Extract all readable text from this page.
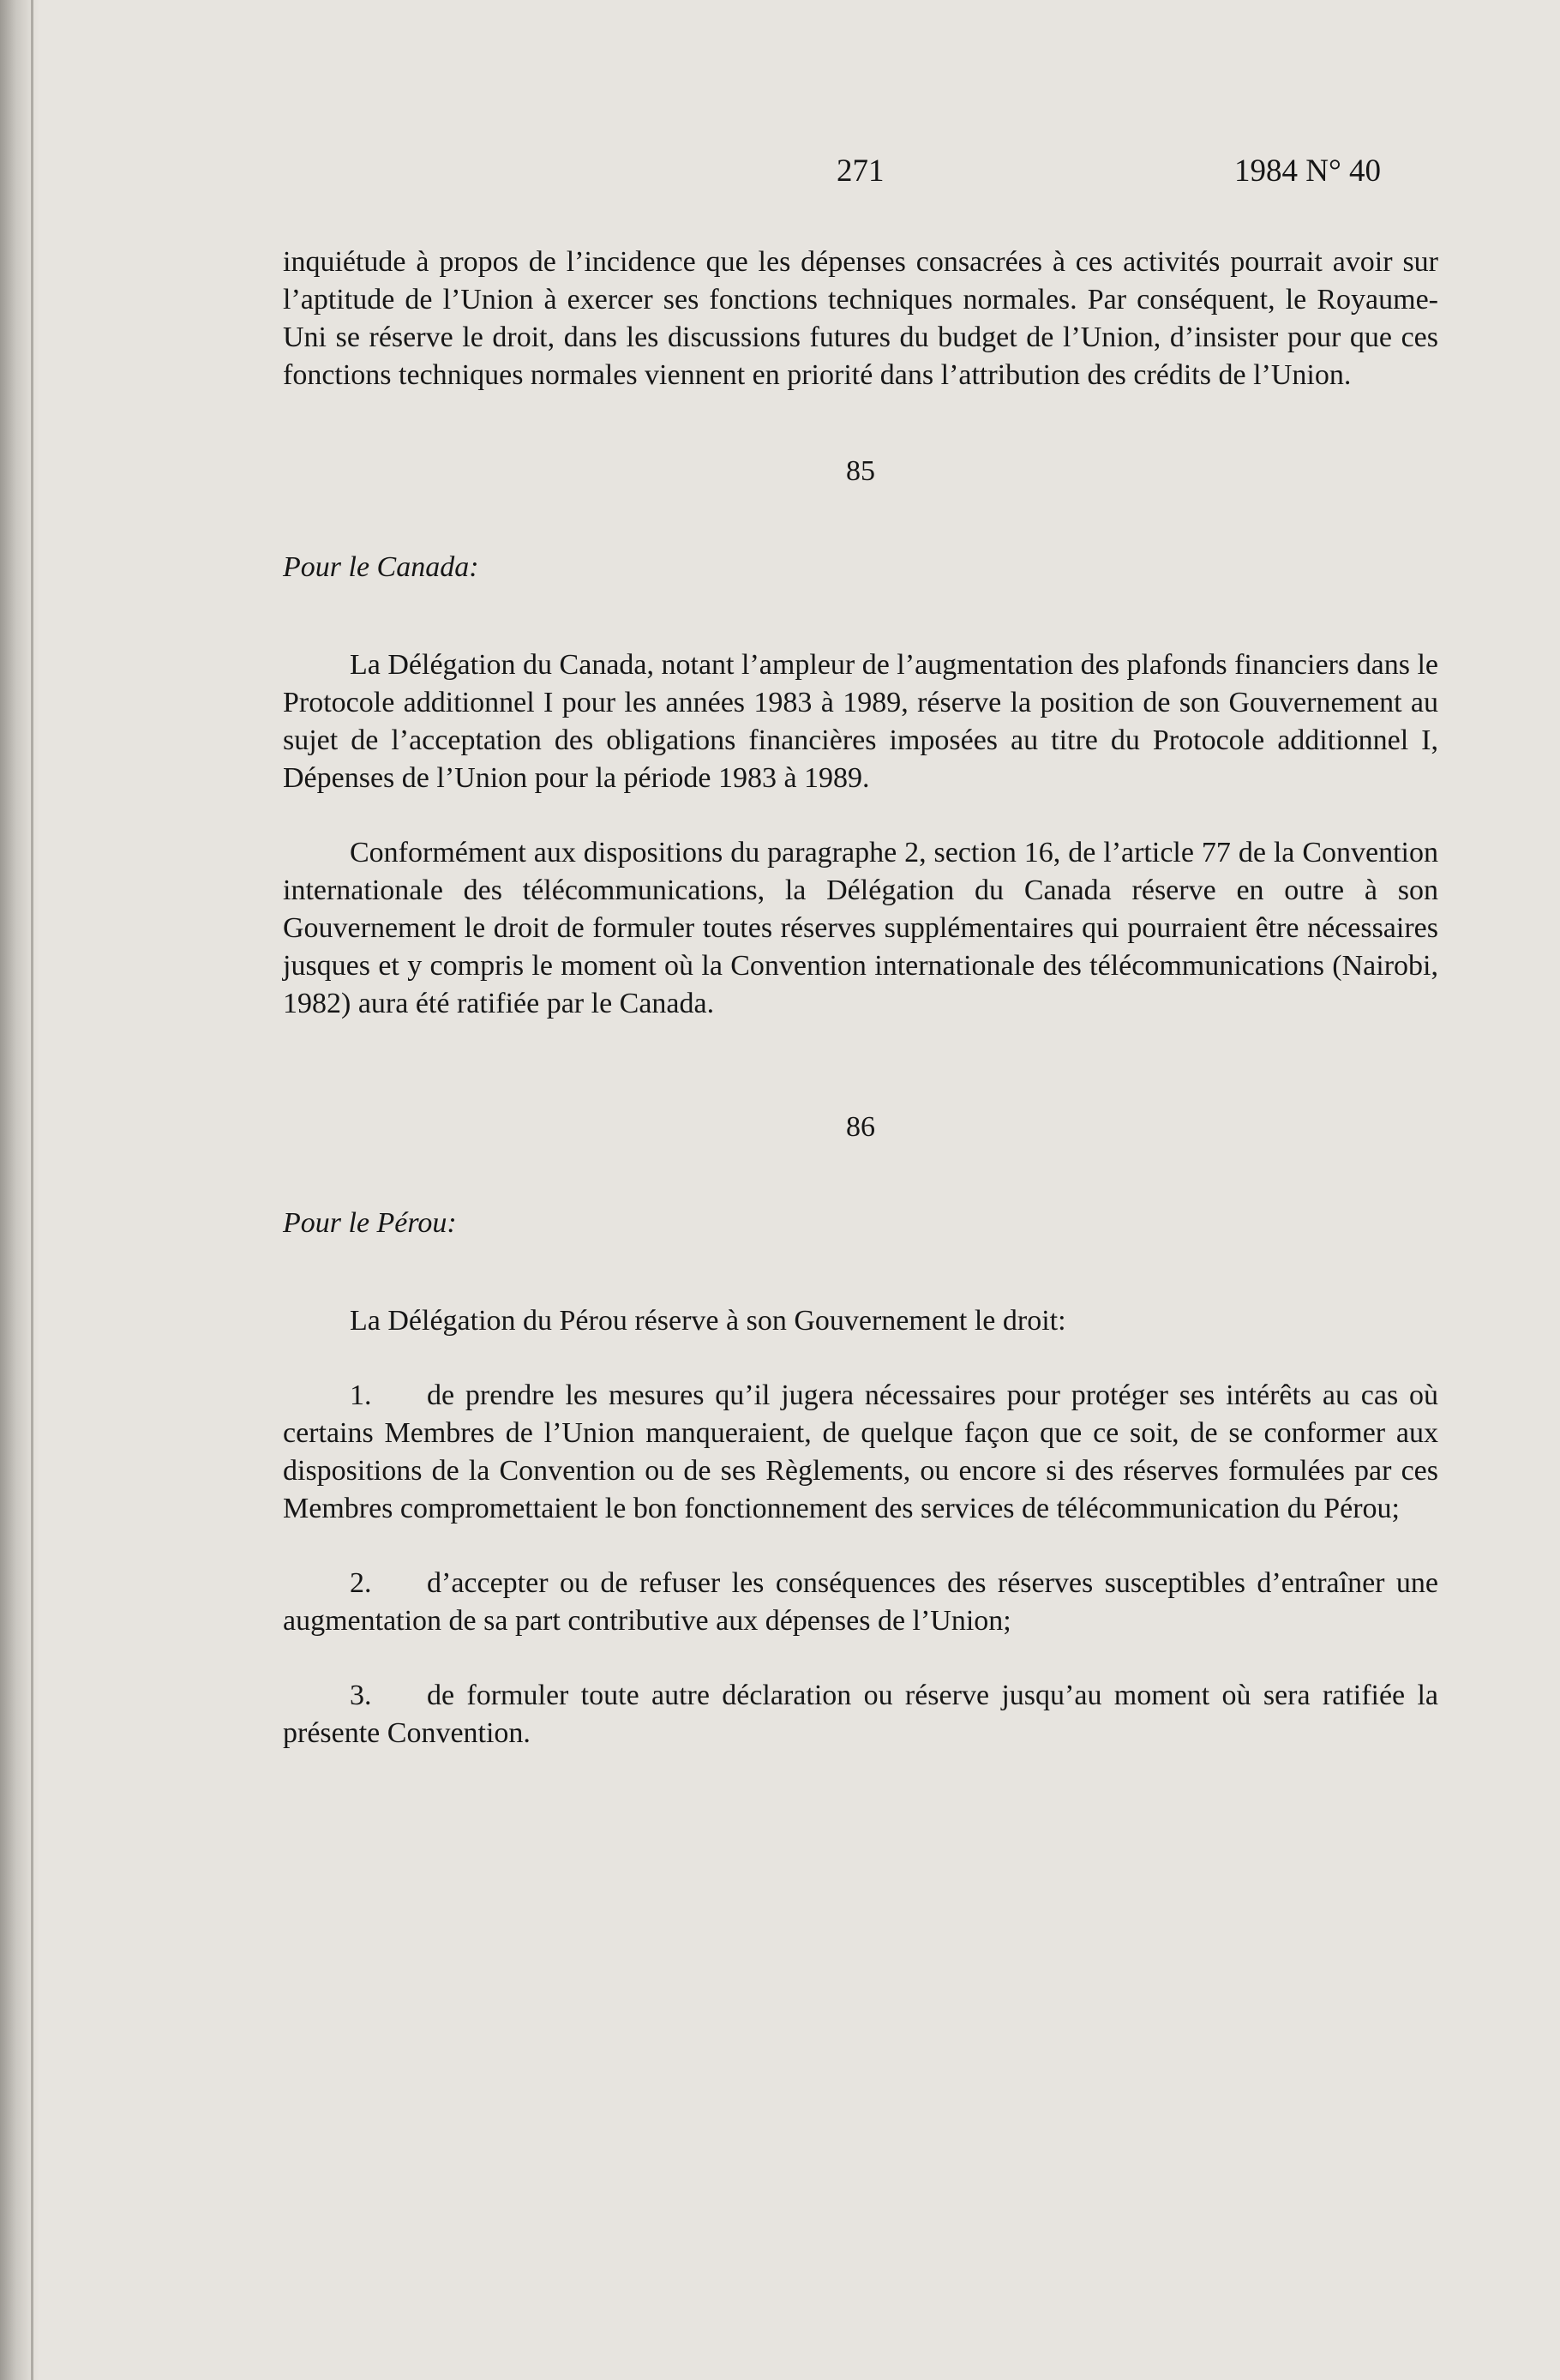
271	1984 N° 40

inquiétude à propos de l’incidence que les dépenses consacrées à ces activités pourrait avoir sur l’aptitude de l’Union à exercer ses fonctions techniques normales. Par conséquent, le Royaume-Uni se réserve le droit, dans les discussions futures du budget de l’Union, d’insister pour que ces fonctions techniques normales viennent en priorité dans l’attribution des crédits de l’Union.

85

Pour le Canada:

La Délégation du Canada, notant l’ampleur de l’augmentation des plafonds financiers dans le Protocole additionnel I pour les années 1983 à 1989, réserve la position de son Gouvernement au sujet de l’acceptation des obligations financières imposées au titre du Protocole additionnel I, Dépenses de l’Union pour la période 1983 à 1989.

Conformément aux dispositions du paragraphe 2, section 16, de l’article 77 de la Convention internationale des télécommunications, la Délégation du Canada réserve en outre à son Gouvernement le droit de formuler toutes réserves supplémentaires qui pourraient être nécessaires jusques et y compris le moment où la Convention internationale des télécommunications (Nairobi, 1982) aura été ratifiée par le Canada.

86

Pour le Pérou:

La Délégation du Pérou réserve à son Gouvernement le droit:

1. de prendre les mesures qu’il jugera nécessaires pour protéger ses intérêts au cas où certains Membres de l’Union manqueraient, de quelque façon que ce soit, de se conformer aux dispositions de la Convention ou de ses Règlements, ou encore si des réserves formulées par ces Membres compromettaient le bon fonctionnement des services de télécommunication du Pérou;

2. d’accepter ou de refuser les conséquences des réserves susceptibles d’entraîner une augmentation de sa part contributive aux dépenses de l’Union;

3. de formuler toute autre déclaration ou réserve jusqu’au moment où sera ratifiée la présente Convention.
